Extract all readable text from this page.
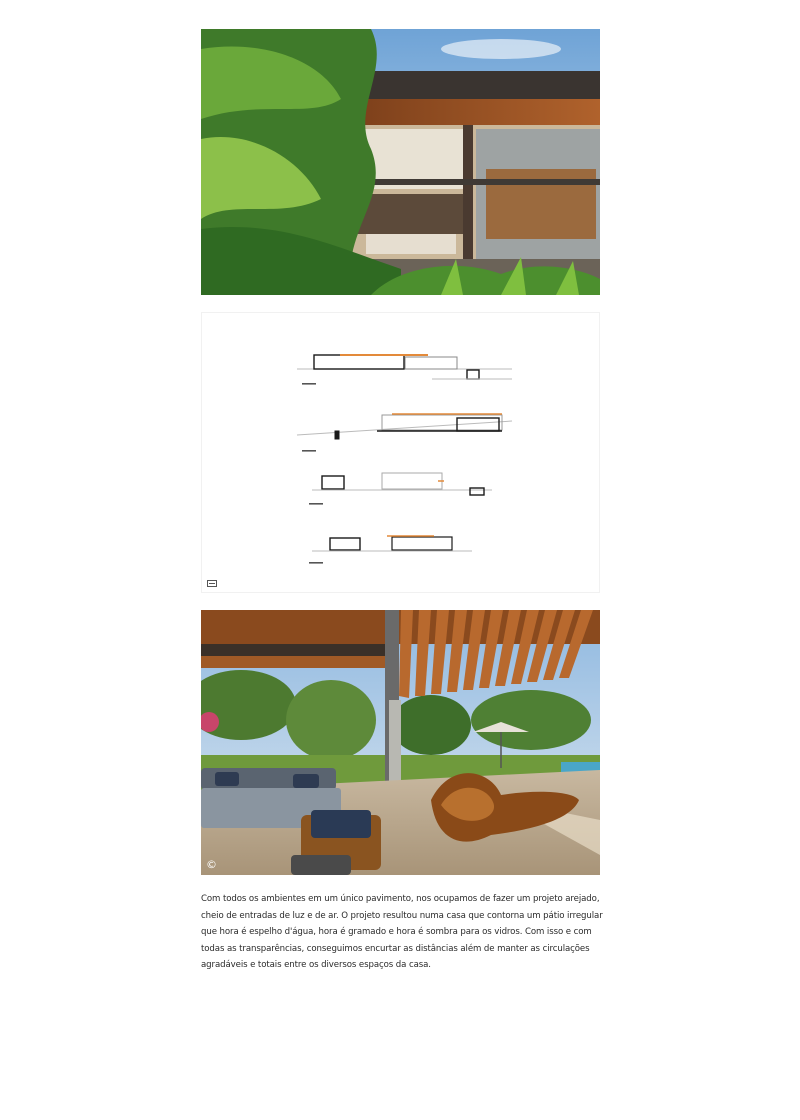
©

Com todos os ambientes em um único pavimento, nos ocupamos de fazer um projeto arejado, cheio de entradas de luz e de ar. O projeto resultou numa casa que contorna um pátio irregular que hora é espelho d'água, hora é gramado e hora é sombra para os vidros. Com isso e com todas as transparências, conseguimos encurtar as distâncias além de manter as circulações agradáveis e totais entre os diversos espaços da casa.
